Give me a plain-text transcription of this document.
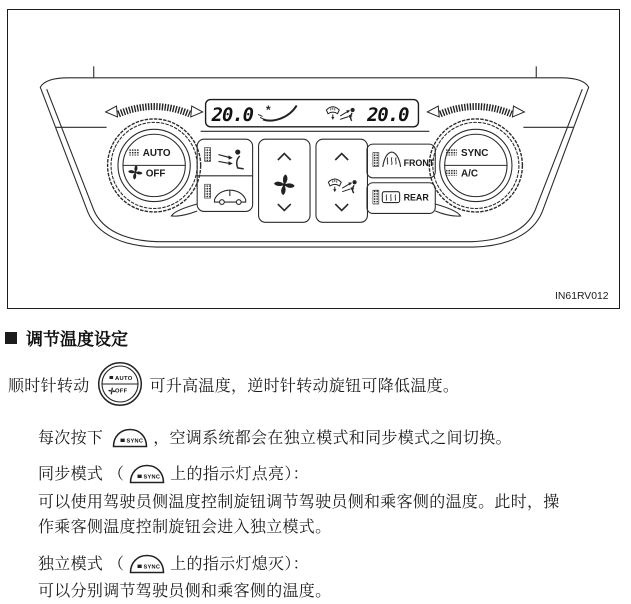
AUTO
OFF
SYNC
A/C
20.0 *	20.0
FRONT
REAR
IN61RV012
调节温度设定
顺时针转动	AUTO
OFF 可升高温度，逆时针转动旋钮可降低温度。
每次按下	SYNC ，空调系统都会在独立模式和同步模式之间切换。
同步模式 （	SYNC 上的指示灯点亮）：
可以使用驾驶员侧温度控制旋钮调节驾驶员侧和乘客侧的温度。此时，操
作乘客侧温度控制旋钮会进入独立模式。
独立模式 （	SYNC 上的指示灯熄灭）：
可以分别调节驾驶员侧和乘客侧的温度。
